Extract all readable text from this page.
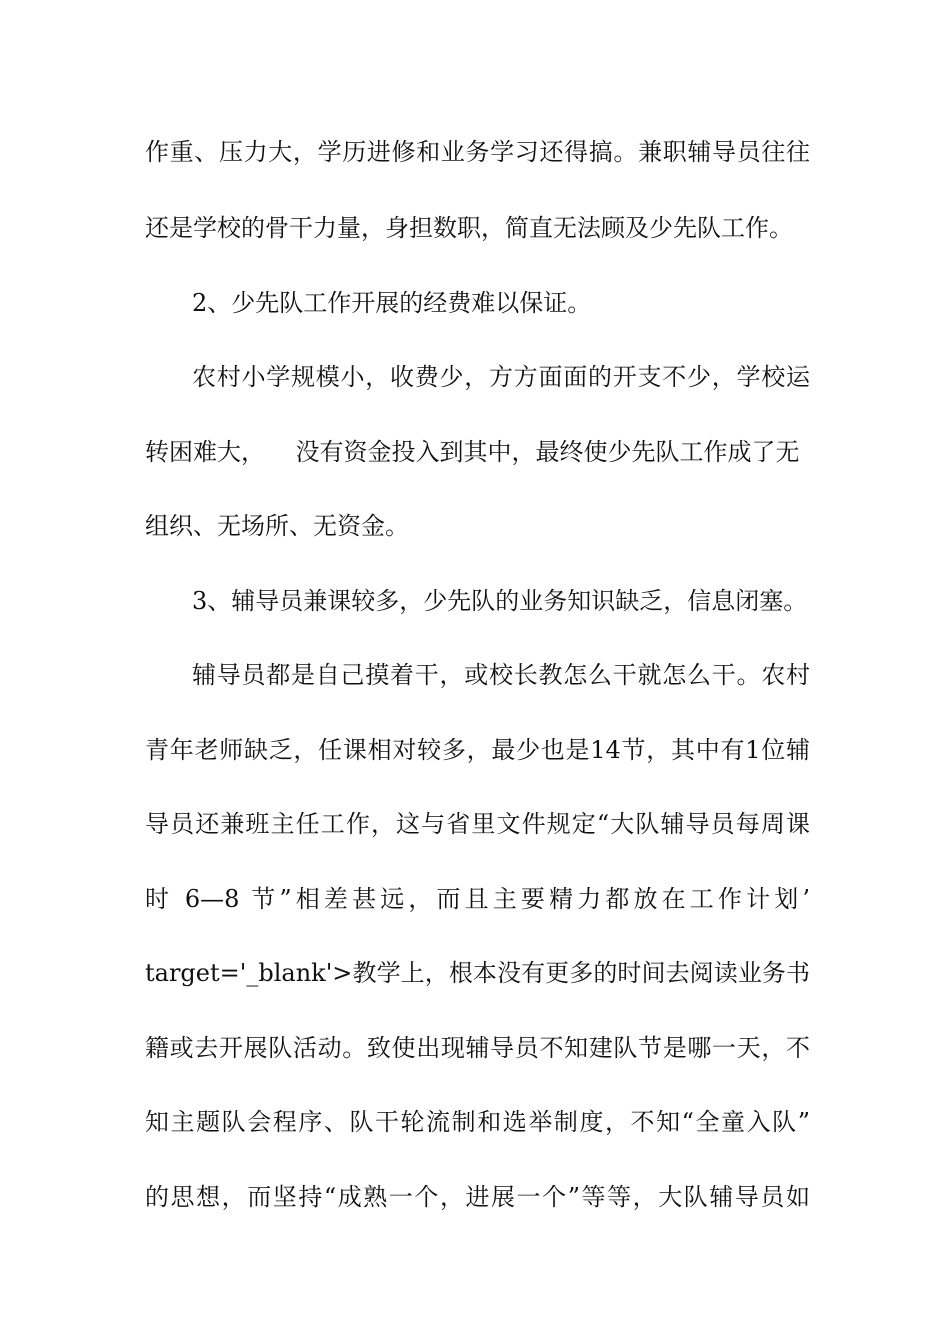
作重、压力大，学历进修和业务学习还得搞。兼职辅导员往往
还是学校的骨干力量，身担数职，简直无法顾及少先队工作。
2、少先队工作开展的经费难以保证。
农村小学规模小，收费少，方方面面的开支不少，学校运
转困难大，    没有资金投入到其中，最终使少先队工作成了无
组织、无场所、无资金。
3、辅导员兼课较多，少先队的业务知识缺乏，信息闭塞。
辅导员都是自己摸着干，或校长教怎么干就怎么干。农村
青年老师缺乏，任课相对较多，最少也是14节，其中有1位辅
导员还兼班主任工作，这与省里文件规定“大队辅导员每周课
时 6—8 节”相差甚远，而且主要精力都放在工作计划’
target='_blank'>教学上，根本没有更多的时间去阅读业务书
籍或去开展队活动。致使出现辅导员不知建队节是哪一天，不
知主题队会程序、队干轮流制和选举制度，不知“全童入队”
的思想，而坚持“成熟一个，进展一个”等等，大队辅导员如
